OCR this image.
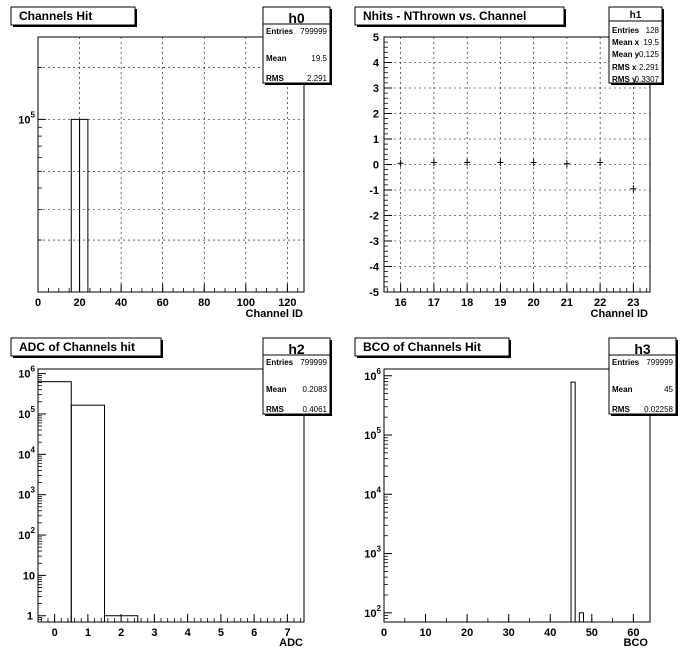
0	20	40	60	80 100 120
$10^5$
Channel ID
Channels Hit	h0
Entries 799999
Mean	19.5
RMS	2.291
16 17 18 19 20 21 22 23
-5
-4
-3
-2
-1
0
1
2
3
4
5
Channel ID
Nhits - NThrown vs. Channel	h1
Entries 128
Mean x 19.5
Mean y
-0.125
RMS x 2.291
RMS y
0.3307
0 1 2 3 4 5 6 7
1
10
$10^2$
$10^3$
$10^4$
$10^5$
$10^6$
ADC
ADC of Channels hit	h2
Entries 799999
Mean 0.2083
RMS 0.4061
0	10	20	30	40	50	60
$10^2$
$10^3$
$10^4$
$10^5$
$10^6$
BCO
BCO of Channels Hit	h3
Entries 799999
Mean	45
RMS 0.02258
